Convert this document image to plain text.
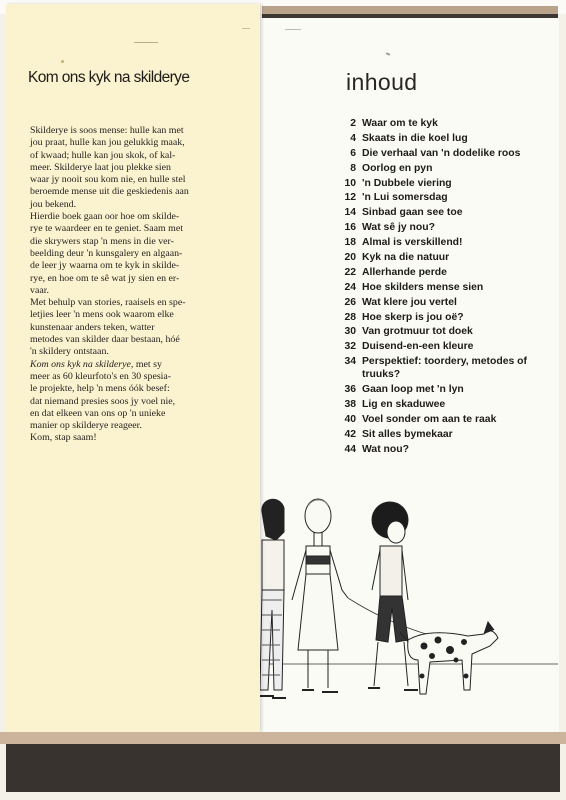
inhoud
2 Waar om te kyk
4 Skaats in die koel lug
6 Die verhaal van 'n dodelike roos
8 Oorlog en pyn
10 'n Dubbele viering
12 'n Lui somersdag
14 Sinbad gaan see toe
16 Wat sê jy nou?
18 Almal is verskillend!
20 Kyk na die natuur
22 Allerhande perde
24 Hoe skilders mense sien
26 Wat klere jou vertel
28 Hoe skerp is jou oë?
30 Van grotmuur tot doek
32 Duisend-en-een kleure
34 Perspektief: toordery, metodes of truuks?
36 Gaan loop met 'n lyn
38 Lig en skaduwee
40 Voel sonder om aan te raak
42 Sit alles bymekaar
44 Wat nou?
Kom ons kyk na skilderye
Skilderye is soos mense: hulle kan met
jou praat, hulle kan jou gelukkig maak,
of kwaad; hulle kan jou skok, of kal-
meer. Skilderye laat jou plekke sien
waar jy nooit sou kom nie, en hulle stel
beroemde mense uit die geskiedenis aan
jou bekend.
Hierdie boek gaan oor hoe om skilde-
rye te waardeer en te geniet. Saam met
die skrywers stap 'n mens in die ver-
beelding deur 'n kunsgalery en algaan-
de leer jy waarna om te kyk in skilde-
rye, en hoe om te sê wat jy sien en er-
vaar.
Met behulp van stories, raaisels en spe-
letjies leer 'n mens ook waarom elke
kunstenaar anders teken, watter
metodes van skilder daar bestaan, hóé
'n skildery ontstaan.
Kom ons kyk na skilderye, met sy
meer as 60 kleurfoto's en 30 spesia-
le projekte, help 'n mens óók besef:
dat niemand presies soos jy voel nie,
en dat elkeen van ons op 'n unieke
manier op skilderye reageer.
Kom, stap saam!
